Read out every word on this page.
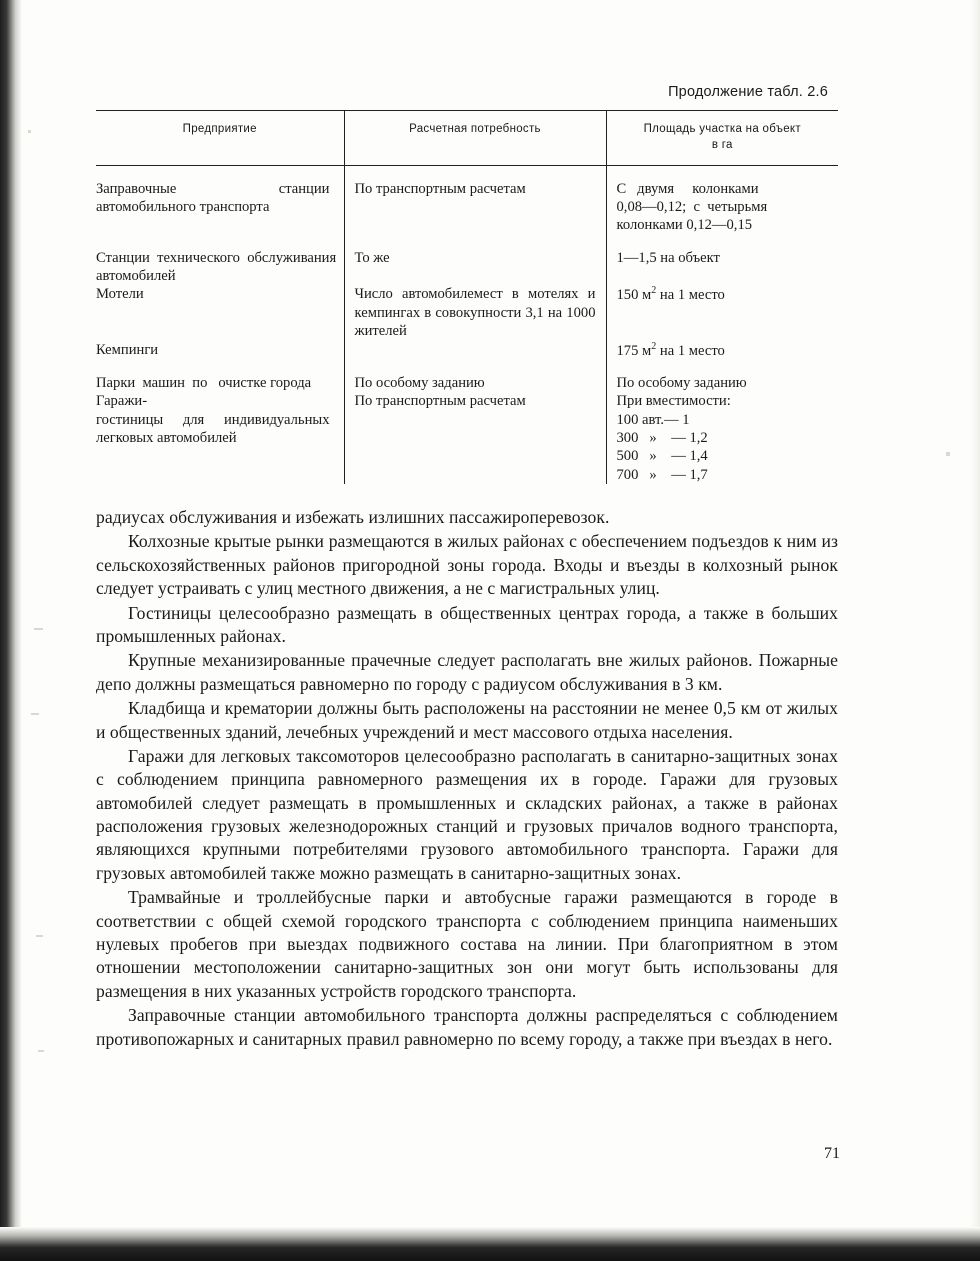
Продолжение табл. 2.6
Предприятие	Расчетная потребность	Площадь участка на объект
в га

Заправочные станции автомобильного транспорта	По транспортным расчетам	С   двумя     колонками
0,08—0,12;  с  четырьмя
колонками 0,12—0,15

Станции  технического  обслуживания автомобилей	То же	1—1,5 на объект
Мотели	Число автомобилемест в мотелях и кемпингах в совокупности 3,1 на 1000 жителей	150 $м^2$ на 1 место
Кемпинги		175 $м^2$ на 1 место

Парки  машин  по   очистке города	По особому заданию	По особому заданию
Гаражи-гостиницы  для  индивидуальных легковых автомобилей	По транспортным расчетам	При вместимости:
100 авт.— 1
300   »    — 1,2
500   »    — 1,4
700   »    — 1,7

радиусах обслуживания и избежать излишних пассажироперевозок.

Колхозные крытые рынки размещаются в жилых районах с обеспечением подъездов к ним из сельскохозяйственных районов пригородной зоны города. Входы и въезды в колхозный рынок следует устраивать с улиц местного движения, а не с магистральных улиц.

Гостиницы целесообразно размещать в общественных центрах города, а также в больших промышленных районах.

Крупные механизированные прачечные следует располагать вне жилых районов. Пожарные депо должны размещаться равномерно по городу с радиусом обслуживания в 3 км.

Кладбища и крематории должны быть расположены на расстоянии не менее 0,5 км от жилых и общественных зданий, лечебных учреждений и мест массового отдыха населения.

Гаражи для легковых таксомоторов целесообразно располагать в санитарно-защитных зонах с соблюдением принципа равномерного размещения их в городе. Гаражи для грузовых автомобилей следует размещать в промышленных и складских районах, а также в районах расположения грузовых железнодорожных станций и грузовых причалов водного транспорта, являющихся крупными потребителями грузового автомобильного транспорта. Гаражи для грузовых автомобилей также можно размещать в санитарно-защитных зонах.

Трамвайные и троллейбусные парки и автобусные гаражи размещаются в городе в соответствии с общей схемой городского транспорта с соблюдением принципа наименьших нулевых пробегов при выездах подвижного состава на линии. При благоприятном в этом отношении местоположении санитарно-защитных зон они могут быть использованы для размещения в них указанных устройств городского транспорта.

Заправочные станции автомобильного транспорта должны распределяться с соблюдением противопожарных и санитарных правил равномерно по всему городу, а также при въездах в него.

71
